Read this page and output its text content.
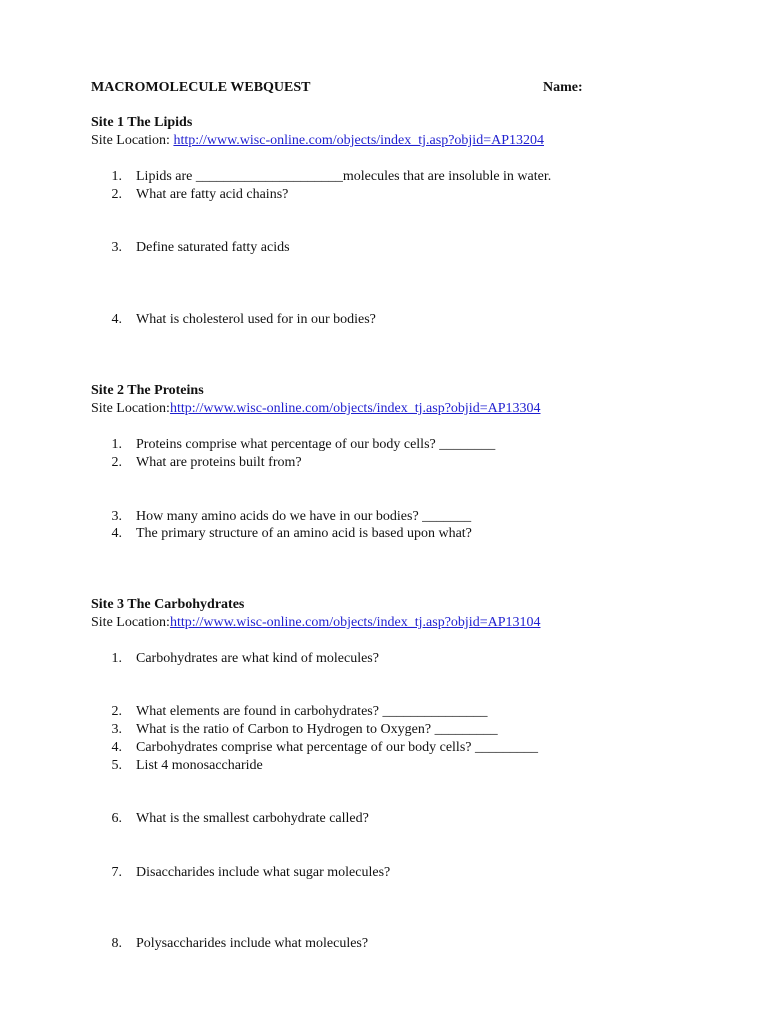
MACROMOLECULE WEBQUEST	Name:
Site 1 The Lipids
Site Location: http://www.wisc-online.com/objects/index_tj.asp?objid=AP13204
1. Lipids are _____________________molecules that are insoluble in water.
2. What are fatty acid chains?
3. Define saturated fatty acids
4. What is cholesterol used for in our bodies?
Site 2 The Proteins
Site Location:http://www.wisc-online.com/objects/index_tj.asp?objid=AP13304
1. Proteins comprise what percentage of our body cells? ________
2. What are proteins built from?
3. How many amino acids do we have in our bodies? _______
4. The primary structure of an amino acid is based upon what?
Site 3 The Carbohydrates
Site Location:http://www.wisc-online.com/objects/index_tj.asp?objid=AP13104
1. Carbohydrates are what kind of molecules?
2. What elements are found in carbohydrates? _______________
3. What is the ratio of Carbon to Hydrogen to Oxygen? _________
4. Carbohydrates comprise what percentage of our body cells? _________
5. List 4 monosaccharide
6. What is the smallest carbohydrate called?
7. Disaccharides include what sugar molecules?
8. Polysaccharides include what molecules?
